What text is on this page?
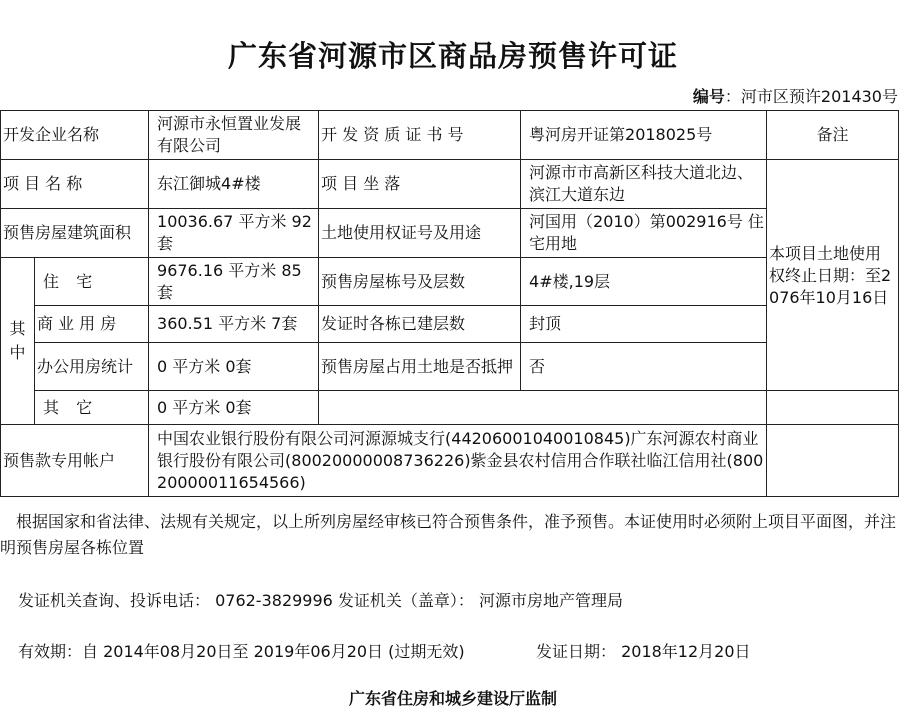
广东省河源市区商品房预售许可证
编号：河市区预许201430号
开发企业名称		河源市永恒置业发展有限公司	开 发 资 质 证 书 号	粤河房开证第2018025号	备注	
项 目 名 称		东江御城4#楼	项 目 坐 落	河源市市高新区科技大道北边、滨江大道东边	本项目土地使用权终止日期：至2076年10月16日	
预售房屋建筑面积		10036.67 平方米 92套	土地使用权证号及用途	河国用（2010）第002916号 住宅用地		

其中	住 宅	9676.16 平方米 85套	预售房屋栋号及层数	4#楼,19层		
	商 业 用 房	360.51 平方米 7套	发证时各栋已建层数	封顶		
	办公用房统计	0 平方米 0套	预售房屋占用土地是否抵押	否		
	其 它	0 平方米 0套				
预售款专用帐户		中国农业银行股份有限公司河源源城支行(44206001040010845)广东河源农村商业银行股份有限公司(80020000008736226)紫金县农村信用合作联社临江信用社(80020000011654566)				
根据国家和省法律、法规有关规定，以上所列房屋经审核已符合预售条件，准予预售。本证使用时必须附上项目平面图，并注明预售房屋各栋位置
发证机关查询、投诉电话： 0762-3829996 发证机关（盖章）： 河源市房地产管理局
有效期：自 2014年08月20日至 2019年06月20日 (过期无效)	发证日期： 2018年12月20日
广东省住房和城乡建设厅监制
